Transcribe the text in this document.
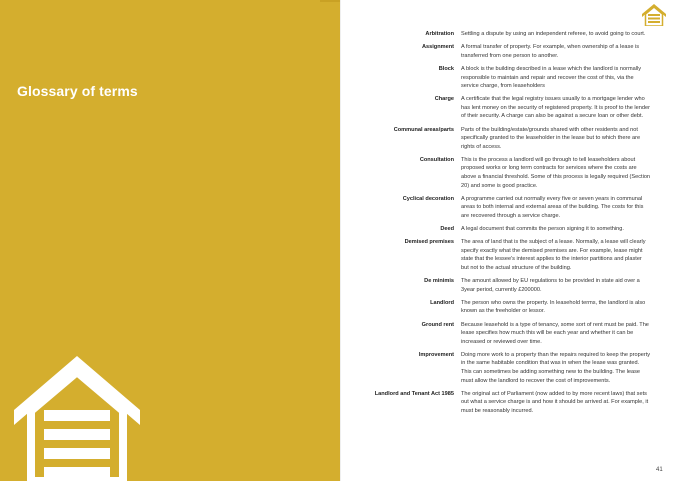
Glossary of terms
Arbitration	Settling a dispute by using an independent referee, to avoid going to court.
Assignment	A formal transfer of property. For example, when ownership of a lease is transferred from one person to another.
Block	A block is the building described in a lease which the landlord is normally responsible to maintain and repair and recover the cost of this, via the service charge, from leaseholders
Charge	A certificate that the legal registry issues usually to a mortgage lender who has lent money on the security of registered property. It is proof to the lender of their security. A charge can also be against a secure loan or other debt.
Communal areas/parts	Parts of the building/estate/grounds shared with other residents and not specifically granted to the leaseholder in the lease but to which there are rights of access.
Consultation	This is the process a landlord will go through to tell leaseholders about proposed works or long term contracts for services where the costs are above a financial threshold. Some of this process is legally required (Section 20) and some is good practice.
Cyclical decoration	A programme carried out normally every five or seven years in communal areas to both internal and external areas of the building. The costs for this are recovered through a service charge.
Deed	A legal document that commits the person signing it to something.
Demised premises	The area of land that is the subject of a lease. Normally, a lease will clearly specify exactly what the demised premises are. For example, lease might state that the lessee's interest applies to the interior partitions and plaster but not to the actual structure of the building.
De minimis	The amount allowed by EU regulations to be provided in state aid over a 3year period, currently £200000.
Landlord	The person who owns the property. In leasehold terms, the landlord is also known as the freeholder or lessor.
Ground rent	Because leasehold is a type of tenancy, some sort of rent must be paid. The lease specifies how much this will be each year and whether it can be increased or reviewed over time.
Improvement	Doing more work to a property than the repairs required to keep the property in the same habitable condition that was in when the lease was granted. This can sometimes be adding something new to the building. The lease must allow the landlord to recover the cost of improvements.
Landlord and Tenant Act 1985	The original act of Parliament (now added to by more recent laws) that sets out what a service charge is and how it should be arrived at. For example, it must be reasonably incurred.
41
